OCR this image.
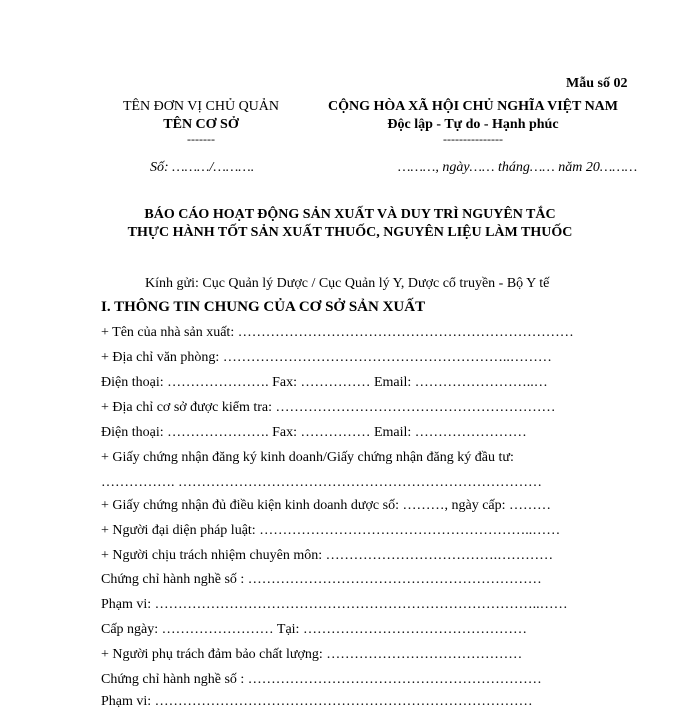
Mẫu số 02
TÊN ĐƠN VỊ CHỦ QUẢN
TÊN CƠ SỞ
-------
CỘNG HÒA XÃ HỘI CHỦ NGHĨA VIỆT NAM
Độc lập - Tự do - Hạnh phúc
---------------
Số: ………/……….	………, ngày…… tháng…… năm 20………
BÁO CÁO HOẠT ĐỘNG SẢN XUẤT VÀ DUY TRÌ NGUYÊN TẮC
THỰC HÀNH TỐT SẢN XUẤT THUỐC, NGUYÊN LIỆU LÀM THUỐC
Kính gửi: Cục Quản lý Dược / Cục Quản lý Y, Dược cổ truyền - Bộ Y tế
I. THÔNG TIN CHUNG CỦA CƠ SỞ SẢN XUẤT
+ Tên của nhà sản xuất: ………………………………………………………………
+ Địa chỉ văn phòng: ……………………………………………………..………
Điện thoại: …………………. Fax: …………… Email: ……………………..…
+ Địa chỉ cơ sở được kiểm tra: ……………………………………………………
Điện thoại: …………………. Fax: …………… Email: ……………………
+ Giấy chứng nhận đăng ký kinh doanh/Giấy chứng nhận đăng ký đầu tư:
……………. ……………………………………………………………………
+ Giấy chứng nhận đủ điều kiện kinh doanh dược số: ………, ngày cấp: ………
+ Người đại diện pháp luật: …………………………………………………..……
+ Người chịu trách nhiệm chuyên môn: ……………………………….…………
Chứng chỉ hành nghề số : ………………………………………………………
Phạm vi: ………………………………………………………………………..……
Cấp ngày: …………………… Tại: …………………………………………
+ Người phụ trách đảm bảo chất lượng: ……………………………………
Chứng chỉ hành nghề số : ………………………………………………………
Phạm vi: ………………………………………………………………………
